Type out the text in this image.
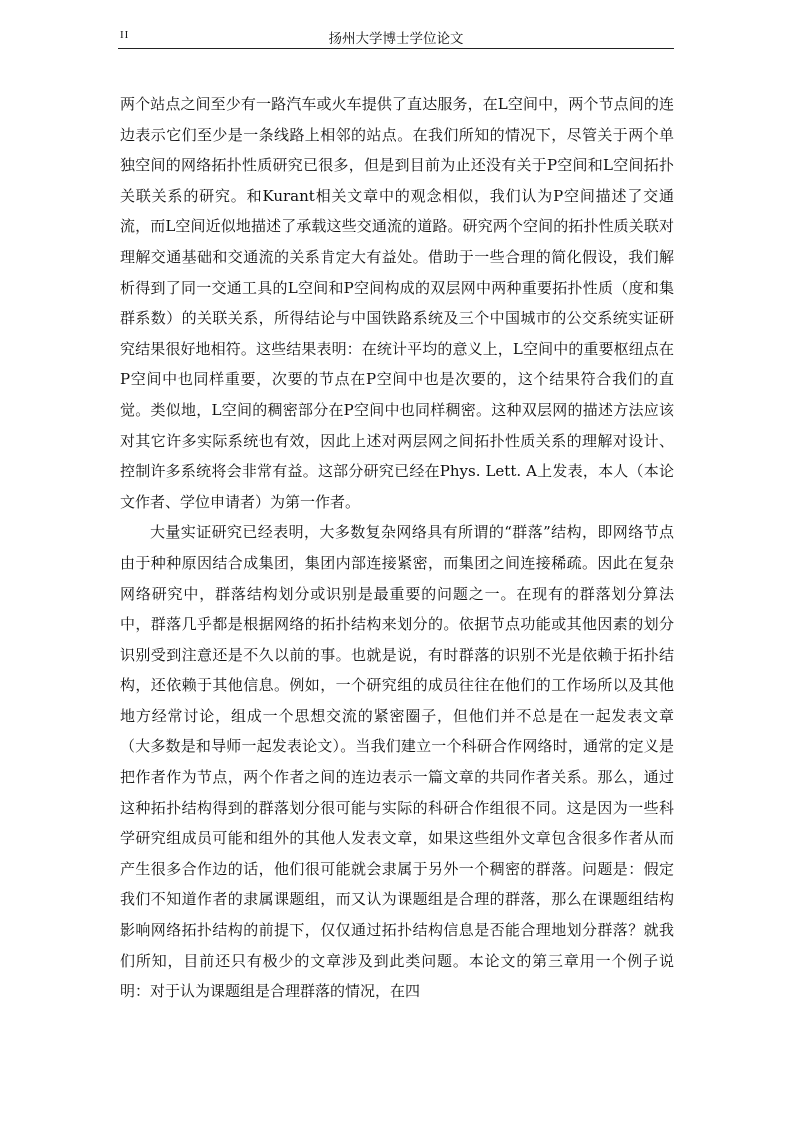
II	扬州大学博士学位论文

两个站点之间至少有一路汽车或火车提供了直达服务，在L空间中，两个节点间的连边表示它们至少是一条线路上相邻的站点。在我们所知的情况下，尽管关于两个单独空间的网络拓扑性质研究已很多，但是到目前为止还没有关于P空间和L空间拓扑关联关系的研究。和Kurant相关文章中的观念相似，我们认为P空间描述了交通流，而L空间近似地描述了承载这些交通流的道路。研究两个空间的拓扑性质关联对理解交通基础和交通流的关系肯定大有益处。借助于一些合理的简化假设，我们解析得到了同一交通工具的L空间和P空间构成的双层网中两种重要拓扑性质（度和集群系数）的关联关系，所得结论与中国铁路系统及三个中国城市的公交系统实证研究结果很好地相符。这些结果表明：在统计平均的意义上，L空间中的重要枢纽点在P空间中也同样重要，次要的节点在P空间中也是次要的，这个结果符合我们的直觉。类似地，L空间的稠密部分在P空间中也同样稠密。这种双层网的描述方法应该对其它许多实际系统也有效，因此上述对两层网之间拓扑性质关系的理解对设计、控制许多系统将会非常有益。这部分研究已经在Phys. Lett. A上发表，本人（本论文作者、学位申请者）为第一作者。

大量实证研究已经表明，大多数复杂网络具有所谓的“群落”结构，即网络节点由于种种原因结合成集团，集团内部连接紧密，而集团之间连接稀疏。因此在复杂网络研究中，群落结构划分或识别是最重要的问题之一。在现有的群落划分算法中，群落几乎都是根据网络的拓扑结构来划分的。依据节点功能或其他因素的划分识别受到注意还是不久以前的事。也就是说，有时群落的识别不光是依赖于拓扑结构，还依赖于其他信息。例如，一个研究组的成员往往在他们的工作场所以及其他地方经常讨论，组成一个思想交流的紧密圈子，但他们并不总是在一起发表文章（大多数是和导师一起发表论文）。当我们建立一个科研合作网络时，通常的定义是把作者作为节点，两个作者之间的连边表示一篇文章的共同作者关系。那么，通过这种拓扑结构得到的群落划分很可能与实际的科研合作组很不同。这是因为一些科学研究组成员可能和组外的其他人发表文章，如果这些组外文章包含很多作者从而产生很多合作边的话，他们很可能就会隶属于另外一个稠密的群落。问题是：假定我们不知道作者的隶属课题组，而又认为课题组是合理的群落，那么在课题组结构影响网络拓扑结构的前提下，仅仅通过拓扑结构信息是否能合理地划分群落？就我们所知，目前还只有极少的文章涉及到此类问题。本论文的第三章用一个例子说明：对于认为课题组是合理群落的情况，在四
